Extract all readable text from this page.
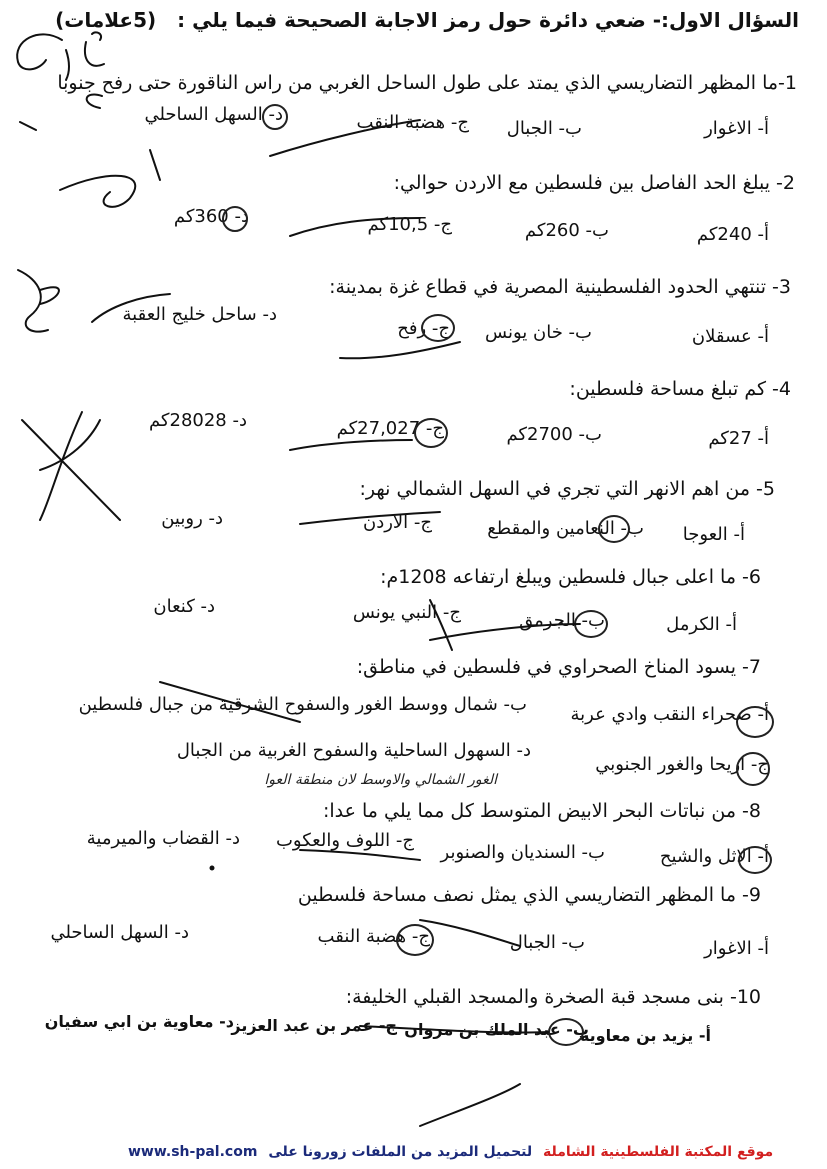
السؤال الاول:- ضعي دائرة حول رمز الاجابة الصحيحة فيما يلي : (5علامات)
1-ما المظهر التضاريسي الذي يمتد على طول الساحل الغربي من راس الناقورة حتى رفح جنوبا
أ- الاغوار
ب- الجبال
ج- هضبة النقب
د- السهل الساحلي
2- يبلغ الحد الفاصل بين فلسطين مع الاردن حوالي:
أ- 240كم
ب- 260كم
ج- 10,5كم
د- 360كم
3- تنتهي الحدود الفلسطينية المصرية في قطاع غزة بمدينة:
أ- عسقلان
ب- خان يونس
ج- رفح
د- ساحل خليج العقبة
4- كم تبلغ مساحة فلسطين:
أ- 27كم
ب- 2700كم
ج- 27,027كم
د- 28028كم
5- من اهم الانهر التي تجري في السهل الشمالي نهر:
أ- العوجا
ب- النعامين والمقطع
ج- الاردن
د- روبين
6- ما اعلى جبال فلسطين ويبلغ ارتفاعه 1208م:
أ- الكرمل
ب- الجرمق
ج- النبي يونس
د- كنعان
7- يسود المناخ الصحراوي في فلسطين في مناطق:
أ- صحراء النقب وادي عربة
ب- شمال ووسط الغور والسفوح الشرقية من جبال فلسطين
ج- اريحا والغور الجنوبي
د- السهول الساحلية والسفوح الغربية من الجبال
الغور الشمالي والاوسط لان منطقة العوا
8- من نباتات البحر الابيض المتوسط كل مما يلي ما عدا:
أ- الاثل والشيح
ب- السنديان والصنوبر
ج- اللوف والعكوب
د- القضاب والميرمية
9- ما المظهر التضاريسي الذي يمثل نصف مساحة فلسطين
أ- الاغوار
ب- الجبال
ج- هضبة النقب
د- السهل الساحلي
10- بنى مسجد قبة الصخرة والمسجد القبلي الخليفة:
أ- يزيد بن معاوية
ب- عبد الملك بن مروان
ج- عمر بن عبد العزيز
د- معاوية بن ابي سفيان
www.sh-pal.com	موقع المكتبة الفلسطينية الشاملة لتحميل المزيد من الملفات زورونا على
